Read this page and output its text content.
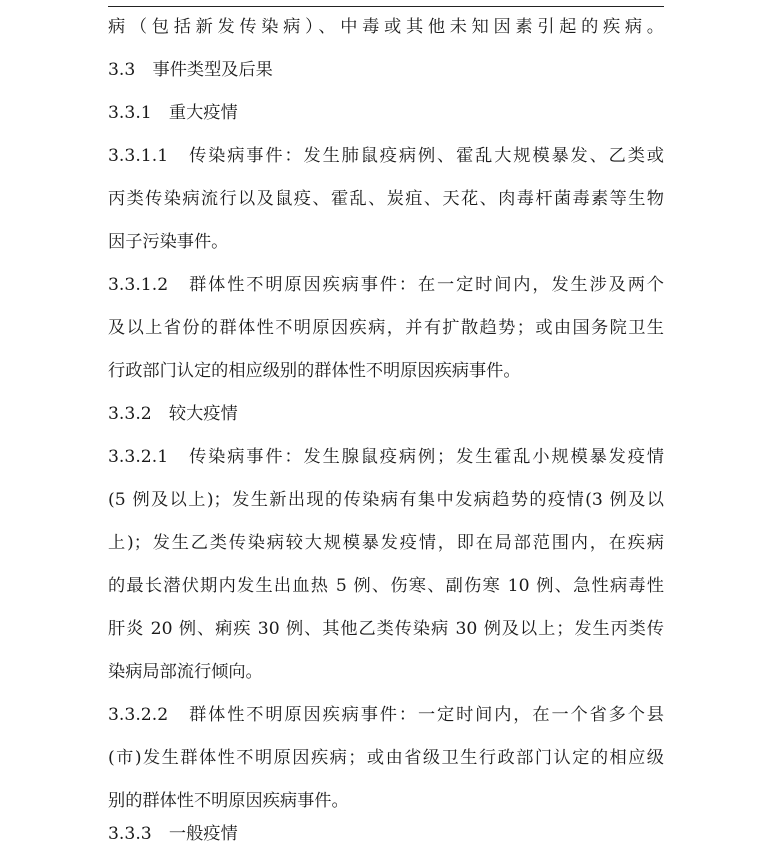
病（包括新发传染病）、中毒或其他未知因素引起的疾病。
3.3　事件类型及后果
3.3.1　重大疫情
3.3.1.1　传染病事件：发生肺鼠疫病例、霍乱大规模暴发、乙类或
丙类传染病流行以及鼠疫、霍乱、炭疽、天花、肉毒杆菌毒素等生物
因子污染事件。
3.3.1.2　群体性不明原因疾病事件：在一定时间内，发生涉及两个
及以上省份的群体性不明原因疾病，并有扩散趋势；或由国务院卫生
行政部门认定的相应级别的群体性不明原因疾病事件。
3.3.2　较大疫情
3.3.2.1　传染病事件：发生腺鼠疫病例；发生霍乱小规模暴发疫情
(5 例及以上)；发生新出现的传染病有集中发病趋势的疫情(3 例及以
上)；发生乙类传染病较大规模暴发疫情，即在局部范围内，在疾病
的最长潜伏期内发生出血热 5 例、伤寒、副伤寒 10 例、急性病毒性
肝炎 20 例、痢疾 30 例、其他乙类传染病 30 例及以上；发生丙类传
染病局部流行倾向。
3.3.2.2　群体性不明原因疾病事件：一定时间内，在一个省多个县
(市)发生群体性不明原因疾病；或由省级卫生行政部门认定的相应级
别的群体性不明原因疾病事件。
3.3.3　一般疫情
